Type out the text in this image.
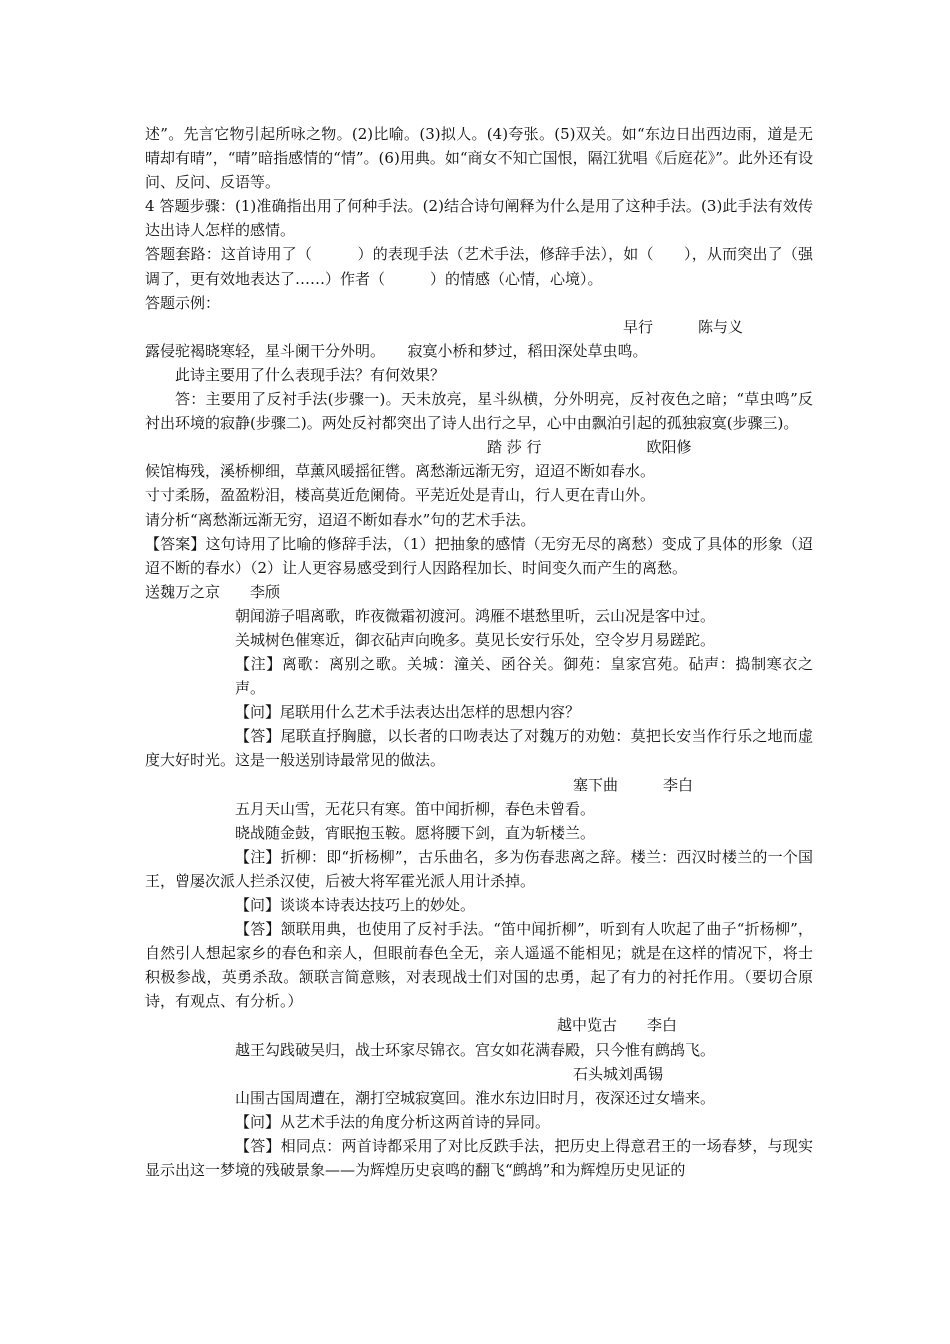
述”。先言它物引起所咏之物。(2)比喻。(3)拟人。(4)夸张。(5)双关。如“东边日出西边雨，道是无晴却有晴”，“晴”暗指感情的“情”。(6)用典。如“商女不知亡国恨，隔江犹唱《后庭花》”。此外还有设问、反问、反语等。

4 答题步骤：(1)准确指出用了何种手法。(2)结合诗句阐释为什么是用了这种手法。(3)此手法有效传达出诗人怎样的感情。

答题套路：这首诗用了（　　　）的表现手法（艺术手法，修辞手法），如（　　），从而突出了（强调了，更有效地表达了……）作者（　　　）的情感（心情，心境）。

答题示例：

早行　　　陈与义

露侵驼褐晓寒轻，星斗阑干分外明。　　寂寞小桥和梦过，稻田深处草虫鸣。

此诗主要用了什么表现手法？有何效果？

答：主要用了反衬手法(步骤一)。天未放亮，星斗纵横，分外明亮，反衬夜色之暗；“草虫鸣”反衬出环境的寂静(步骤二)。两处反衬都突出了诗人出行之早，心中由飘泊引起的孤独寂寞(步骤三)。

踏 莎 行　　　　　　　欧阳修

候馆梅残，溪桥柳细，草薰风暖摇征辔。离愁渐远渐无穷，迢迢不断如春水。

寸寸柔肠，盈盈粉泪，楼高莫近危阑倚。平芜近处是青山，行人更在青山外。

请分析“离愁渐远渐无穷，迢迢不断如春水”句的艺术手法。

【答案】这句诗用了比喻的修辞手法，（1）把抽象的感情（无穷无尽的离愁）变成了具体的形象（迢迢不断的春水）（2）让人更容易感受到行人因路程加长、时间变久而产生的离愁。

送魏万之京　　李颀

朝闻游子唱离歌，昨夜微霜初渡河。鸿雁不堪愁里听，云山况是客中过。

关城树色催寒近，御衣砧声向晚多。莫见长安行乐处，空令岁月易蹉跎。

【注】离歌：离别之歌。关城：潼关、函谷关。御苑：皇家宫苑。砧声：捣制寒衣之声。

【问】尾联用什么艺术手法表达出怎样的思想内容？

【答】尾联直抒胸臆，以长者的口吻表达了对魏万的劝勉：莫把长安当作行乐之地而虚度大好时光。这是一般送别诗最常见的做法。

塞下曲　　　李白

五月天山雪，无花只有寒。笛中闻折柳，春色未曾看。

晓战随金鼓，宵眠抱玉鞍。愿将腰下剑，直为斩楼兰。

【注】折柳：即“折杨柳”，古乐曲名，多为伤春悲离之辞。楼兰：西汉时楼兰的一个国王，曾屡次派人拦杀汉使，后被大将军霍光派人用计杀掉。

【问】谈谈本诗表达技巧上的妙处。

【答】颔联用典，也使用了反衬手法。“笛中闻折柳”，听到有人吹起了曲子“折杨柳”，自然引人想起家乡的春色和亲人，但眼前春色全无，亲人遥遥不能相见；就是在这样的情况下，将士积极参战，英勇杀敌。颔联言简意赅，对表现战士们对国的忠勇，起了有力的衬托作用。（要切合原诗，有观点、有分析。）

越中览古　　李白

越王勾践破吴归，战士环家尽锦衣。宫女如花满春殿，只今惟有鹧鸪飞。

石头城刘禹锡

山围古国周遭在，潮打空城寂寞回。淮水东边旧时月，夜深还过女墙来。

【问】从艺术手法的角度分析这两首诗的异同。

【答】相同点：两首诗都采用了对比反跌手法，把历史上得意君王的一场春梦，与现实显示出这一梦境的残破景象——为辉煌历史哀鸣的翻飞“鹧鸪”和为辉煌历史见证的
